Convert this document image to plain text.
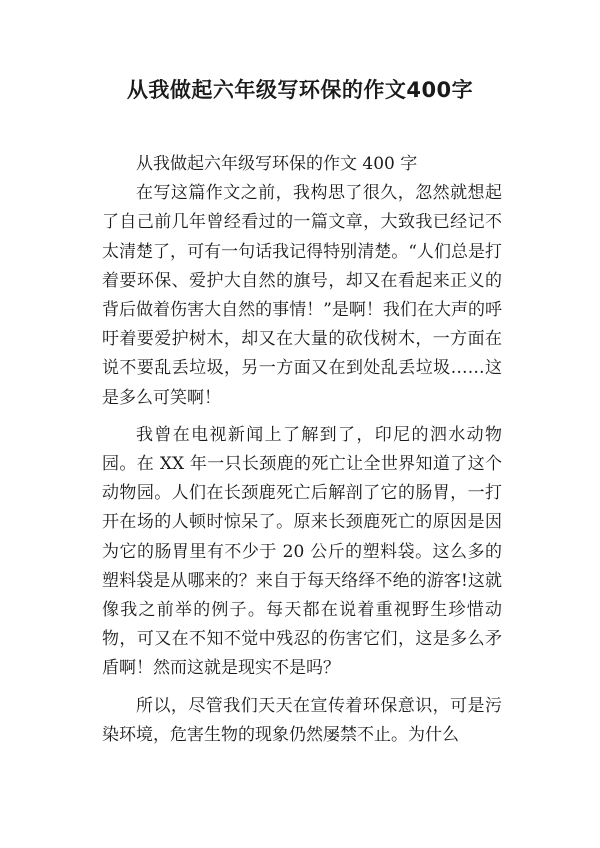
从我做起六年级写环保的作文400字

从我做起六年级写环保的作文 400 字

在写这篇作文之前，我构思了很久，忽然就想起了自己前几年曾经看过的一篇文章，大致我已经记不太清楚了，可有一句话我记得特别清楚。“人们总是打着要环保、爱护大自然的旗号，却又在看起来正义的背后做着伤害大自然的事情！”是啊！我们在大声的呼吁着要爱护树木，却又在大量的砍伐树木，一方面在说不要乱丢垃圾，另一方面又在到处乱丢垃圾……这是多么可笑啊！

我曾在电视新闻上了解到了，印尼的泗水动物园。在 XX 年一只长颈鹿的死亡让全世界知道了这个动物园。人们在长颈鹿死亡后解剖了它的肠胃，一打开在场的人顿时惊呆了。原来长颈鹿死亡的原因是因为它的肠胃里有不少于 20 公斤的塑料袋。这么多的塑料袋是从哪来的？来自于每天络绎不绝的游客!这就像我之前举的例子。每天都在说着重视野生珍惜动物，可又在不知不觉中残忍的伤害它们，这是多么矛盾啊！然而这就是现实不是吗？

所以，尽管我们天天在宣传着环保意识，可是污染环境，危害生物的现象仍然屡禁不止。为什么
